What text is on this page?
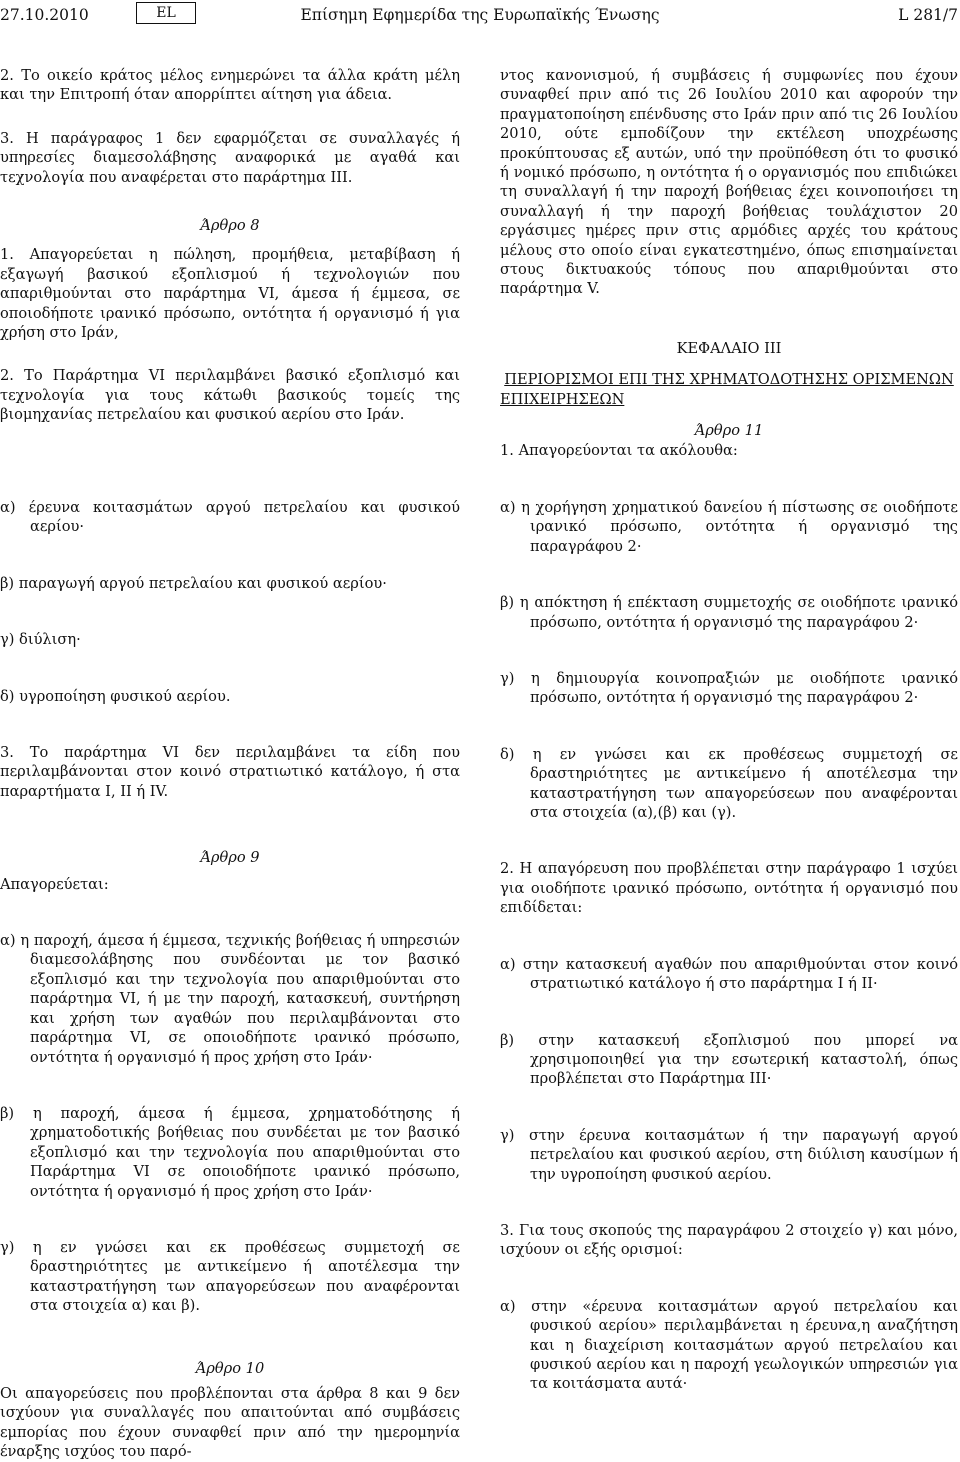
27.10.2010	EL	Επίσημη Εφημερίδα της Ευρωπαϊκής Ένωσης	L 281/7

2. Το οικείο κράτος μέλος ενημερώνει τα άλλα κράτη μέλη και την Επιτροπή όταν απορρίπτει αίτηση για άδεια.

3. Η παράγραφος 1 δεν εφαρμόζεται σε συναλλαγές ή υπηρεσίες διαμεσολάβησης αναφορικά με αγαθά και τεχνολογία που αναφέρεται στο παράρτημα III.

Άρθρο 8

1. Απαγορεύεται η πώληση, προμήθεια, μεταβίβαση ή εξαγωγή βασικού εξοπλισμού ή τεχνολογιών που απαριθμούνται στο παράρτημα VI, άμεσα ή έμμεσα, σε οποιοδήποτε ιρανικό πρόσωπο, οντότητα ή οργανισμό ή για χρήση στο Ιράν,

2. Το Παράρτημα VI περιλαμβάνει βασικό εξοπλισμό και τεχνολογία για τους κάτωθι βασικούς τομείς της βιομηχανίας πετρελαίου και φυσικού αερίου στο Ιράν.

ντος κανονισμού, ή συμβάσεις ή συμφωνίες που έχουν συναφθεί πριν από τις 26 Ιουλίου 2010 και αφορούν την πραγματοποίηση επένδυσης στο Ιράν πριν από τις 26 Ιουλίου 2010, ούτε εμποδίζουν την εκτέλεση υποχρέωσης προκύπτουσας εξ αυτών, υπό την προϋπόθεση ότι το φυσικό ή νομικό πρόσωπο, η οντότητα ή ο οργανισμός που επιδιώκει τη συναλλαγή ή την παροχή βοήθειας έχει κοινοποιήσει τη συναλλαγή ή την παροχή βοήθειας τουλάχιστον 20 εργάσιμες ημέρες πριν στις αρμόδιες αρχές του κράτους μέλους στο οποίο είναι εγκατεστημένο, όπως επισημαίνεται στους δικτυακούς τόπους που απαριθμούνται στο παράρτημα V.

ΚΕΦΑΛΑΙΟ III

ΠΕΡΙΟΡΙΣΜΟΙ ΕΠΙ ΤΗΣ ΧΡΗΜΑΤΟΔΟΤΗΣΗΣ ΟΡΙΣΜΕΝΩΝ ΕΠΙΧΕΙΡΗΣΕΩΝ

Άρθρο 11

1. Απαγορεύονται τα ακόλουθα:

α) έρευνα κοιτασμάτων αργού πετρελαίου και φυσικού αερίου·

β) παραγωγή αργού πετρελαίου και φυσικού αερίου·

γ) διύλιση·

δ) υγροποίηση φυσικού αερίου.

3. Το παράρτημα VI δεν περιλαμβάνει τα είδη που περιλαμβάνονται στον κοινό στρατιωτικό κατάλογο, ή στα παραρτήματα I, II ή IV.

Άρθρο 9

Απαγορεύεται:

α) η παροχή, άμεσα ή έμμεσα, τεχνικής βοήθειας ή υπηρεσιών διαμεσολάβησης που συνδέονται με τον βασικό εξοπλισμό και την τεχνολογία που απαριθμούνται στο παράρτημα VI, ή με την παροχή, κατασκευή, συντήρηση και χρήση των αγαθών που περιλαμβάνονται στο παράρτημα VI, σε οποιοδήποτε ιρανικό πρόσωπο, οντότητα ή οργανισμό ή προς χρήση στο Ιράν·

β) η παροχή, άμεσα ή έμμεσα, χρηματοδότησης ή χρηματοδοτικής βοήθειας που συνδέεται με τον βασικό εξοπλισμό και την τεχνολογία που απαριθμούνται στο Παράρτημα VI σε οποιοδήποτε ιρανικό πρόσωπο, οντότητα ή οργανισμό ή προς χρήση στο Ιράν·

γ) η εν γνώσει και εκ προθέσεως συμμετοχή σε δραστηριότητες με αντικείμενο ή αποτέλεσμα την καταστρατήγηση των απαγορεύσεων που αναφέρονται στα στοιχεία α) και β).

Άρθρο 10

Οι απαγορεύσεις που προβλέπονται στα άρθρα 8 και 9 δεν ισχύουν για συναλλαγές που απαιτούνται από συμβάσεις εμπορίας που έχουν συναφθεί πριν από την ημερομηνία έναρξης ισχύος του παρό-

α) η χορήγηση χρηματικού δανείου ή πίστωσης σε οιοδήποτε ιρανικό πρόσωπο, οντότητα ή οργανισμό της παραγράφου 2·

β) η απόκτηση ή επέκταση συμμετοχής σε οιοδήποτε ιρανικό πρόσωπο, οντότητα ή οργανισμό της παραγράφου 2·

γ) η δημιουργία κοινοπραξιών με οιοδήποτε ιρανικό πρόσωπο, οντότητα ή οργανισμό της παραγράφου 2·

δ) η εν γνώσει και εκ προθέσεως συμμετοχή σε δραστηριότητες με αντικείμενο ή αποτέλεσμα την καταστρατήγηση των απαγορεύσεων που αναφέρονται στα στοιχεία (α),(β) και (γ).

2. Η απαγόρευση που προβλέπεται στην παράγραφο 1 ισχύει για οιοδήποτε ιρανικό πρόσωπο, οντότητα ή οργανισμό που επιδίδεται:

α) στην κατασκευή αγαθών που απαριθμούνται στον κοινό στρατιωτικό κατάλογο ή στο παράρτημα I ή II·

β) στην κατασκευή εξοπλισμού που μπορεί να χρησιμοποιηθεί για την εσωτερική καταστολή, όπως προβλέπεται στο Παράρτημα III·

γ) στην έρευνα κοιτασμάτων ή την παραγωγή αργού πετρελαίου και φυσικού αερίου, στη διύλιση καυσίμων ή την υγροποίηση φυσικού αερίου.

3. Για τους σκοπούς της παραγράφου 2 στοιχείο γ) και μόνο, ισχύουν οι εξής ορισμοί:

α) στην «έρευνα κοιτασμάτων αργού πετρελαίου και φυσικού αερίου» περιλαμβάνεται η έρευνα,η αναζήτηση και η διαχείριση κοιτασμάτων αργού πετρελαίου και φυσικού αερίου και η παροχή γεωλογικών υπηρεσιών για τα κοιτάσματα αυτά·
